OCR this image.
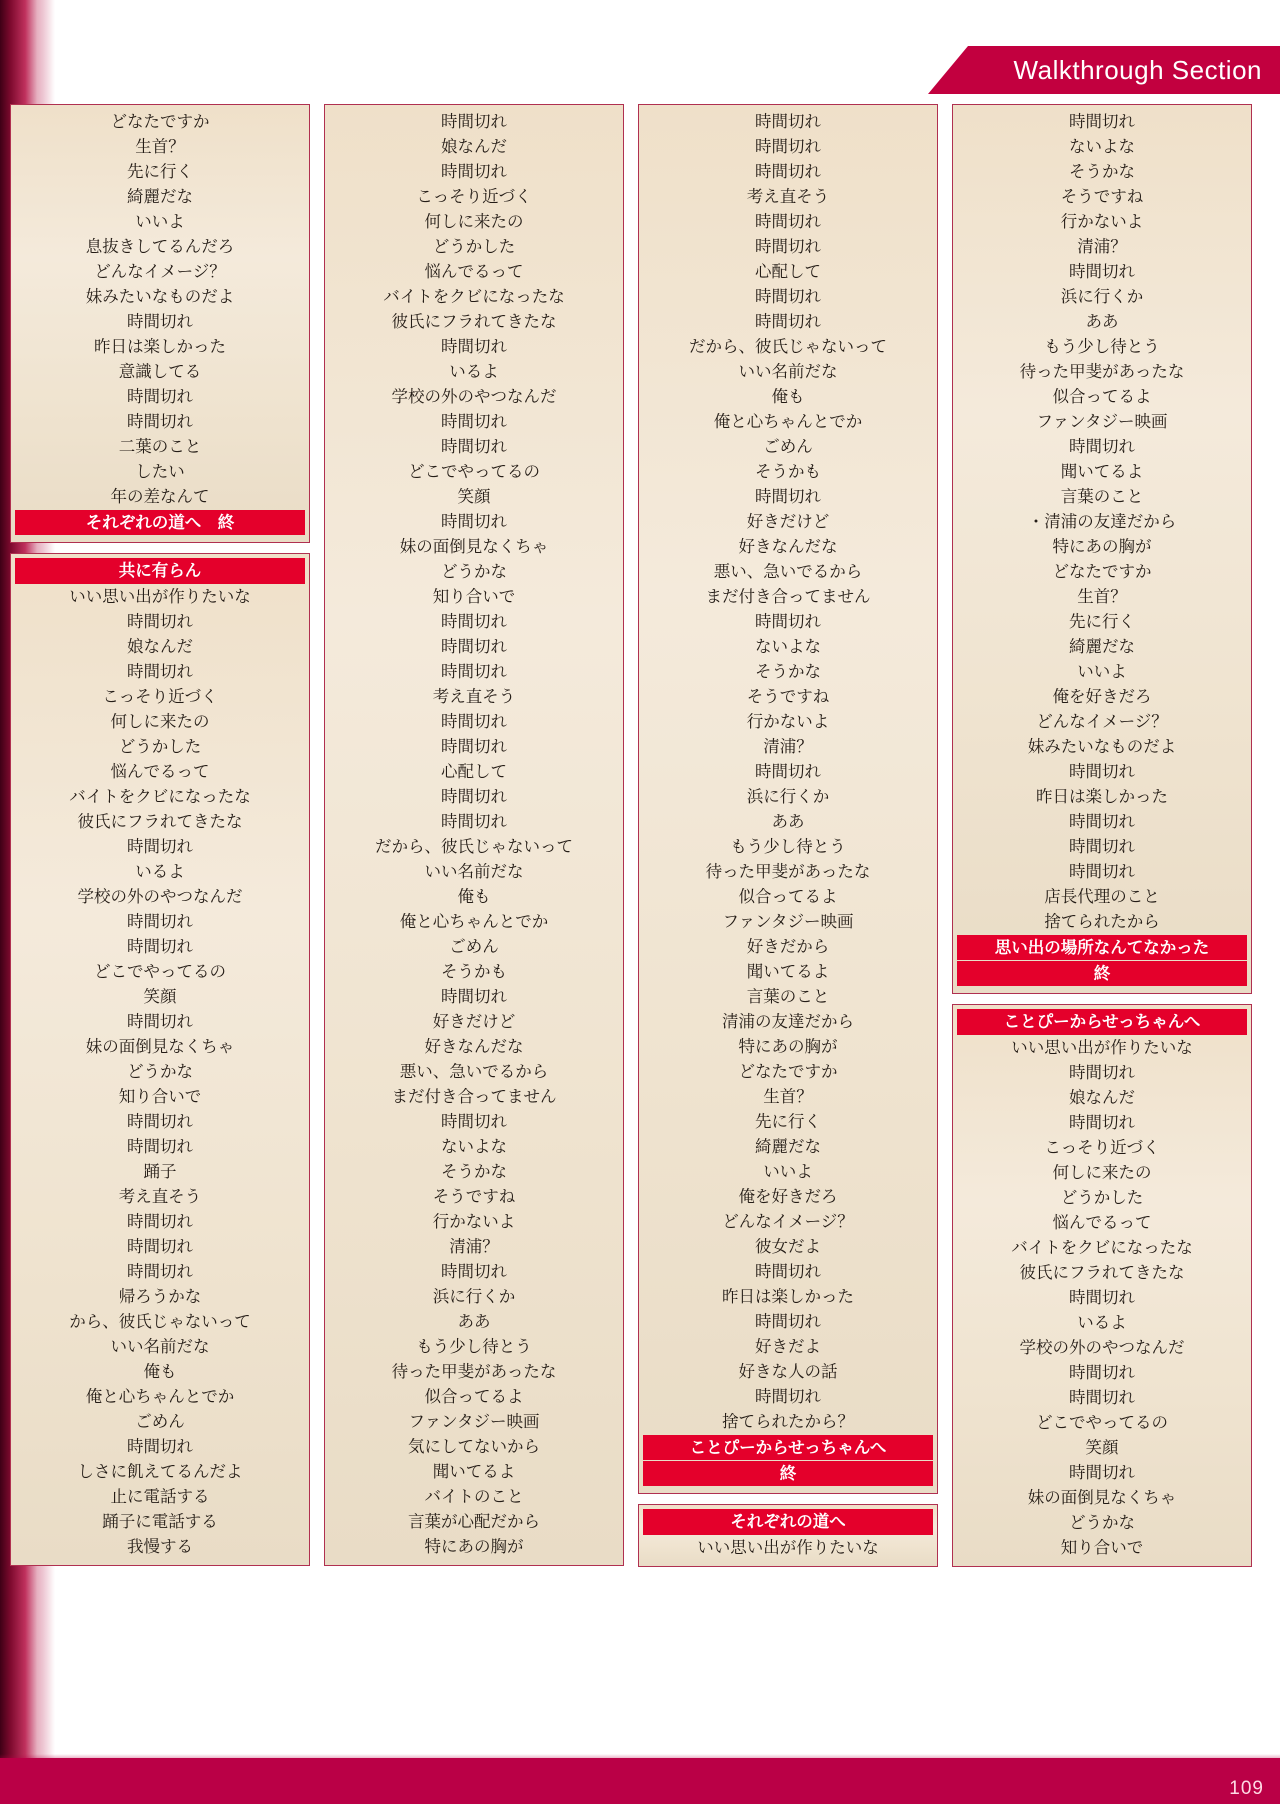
Walkthrough Section
どなたですか
生首？
先に行く
綺麗だな
いいよ
息抜きしてるんだろ
どんなイメージ？
妹みたいなものだよ
時間切れ
昨日は楽しかった
意識してる
時間切れ
時間切れ
二葉のこと
したい
年の差なんて
それぞれの道へ　終
共に有らん
いい思い出が作りたいな
時間切れ
娘なんだ
時間切れ
こっそり近づく
何しに来たの
どうかした
悩んでるって
バイトをクビになったな
彼氏にフラれてきたな
時間切れ
いるよ
学校の外のやつなんだ
時間切れ
時間切れ
どこでやってるの
笑顔
時間切れ
妹の面倒見なくちゃ
どうかな
知り合いで
時間切れ
時間切れ
踊子
考え直そう
時間切れ
時間切れ
時間切れ
帰ろうかな
から、彼氏じゃないって
いい名前だな
俺も
俺と心ちゃんとでか
ごめん
時間切れ
しさに飢えてるんだよ
止に電話する
踊子に電話する
我慢する
時間切れ
娘なんだ
時間切れ
こっそり近づく
何しに来たの
どうかした
悩んでるって
バイトをクビになったな
彼氏にフラれてきたな
時間切れ
いるよ
学校の外のやつなんだ
時間切れ
時間切れ
どこでやってるの
笑顔
時間切れ
妹の面倒見なくちゃ
どうかな
知り合いで
時間切れ
時間切れ
時間切れ
考え直そう
時間切れ
時間切れ
心配して
時間切れ
時間切れ
だから、彼氏じゃないって
いい名前だな
俺も
俺と心ちゃんとでか
ごめん
そうかも
時間切れ
好きだけど
好きなんだな
悪い、急いでるから
まだ付き合ってません
時間切れ
ないよな
そうかな
そうですね
行かないよ
清浦？
時間切れ
浜に行くか
ああ
もう少し待とう
待った甲斐があったな
似合ってるよ
ファンタジー映画
気にしてないから
聞いてるよ
バイトのこと
言葉が心配だから
特にあの胸が
時間切れ
時間切れ
時間切れ
考え直そう
時間切れ
時間切れ
心配して
時間切れ
時間切れ
だから、彼氏じゃないって
いい名前だな
俺も
俺と心ちゃんとでか
ごめん
そうかも
時間切れ
好きだけど
好きなんだな
悪い、急いでるから
まだ付き合ってません
時間切れ
ないよな
そうかな
そうですね
行かないよ
清浦？
時間切れ
浜に行くか
ああ
もう少し待とう
待った甲斐があったな
似合ってるよ
ファンタジー映画
好きだから
聞いてるよ
言葉のこと
清浦の友達だから
特にあの胸が
どなたですか
生首？
先に行く
綺麗だな
いいよ
俺を好きだろ
どんなイメージ？
彼女だよ
時間切れ
昨日は楽しかった
時間切れ
好きだよ
好きな人の話
時間切れ
捨てられたから？
ことぴーからせっちゃんへ
終
それぞれの道へ
いい思い出が作りたいな
時間切れ
ないよな
そうかな
そうですね
行かないよ
清浦？
時間切れ
浜に行くか
ああ
もう少し待とう
待った甲斐があったな
似合ってるよ
ファンタジー映画
時間切れ
聞いてるよ
言葉のこと
・清浦の友達だから
特にあの胸が
どなたですか
生首？
先に行く
綺麗だな
いいよ
俺を好きだろ
どんなイメージ？
妹みたいなものだよ
時間切れ
昨日は楽しかった
時間切れ
時間切れ
時間切れ
店長代理のこと
捨てられたから
思い出の場所なんてなかった
終
ことぴーからせっちゃんへ
いい思い出が作りたいな
時間切れ
娘なんだ
時間切れ
こっそり近づく
何しに来たの
どうかした
悩んでるって
バイトをクビになったな
彼氏にフラれてきたな
時間切れ
いるよ
学校の外のやつなんだ
時間切れ
時間切れ
どこでやってるの
笑顔
時間切れ
妹の面倒見なくちゃ
どうかな
知り合いで
109
